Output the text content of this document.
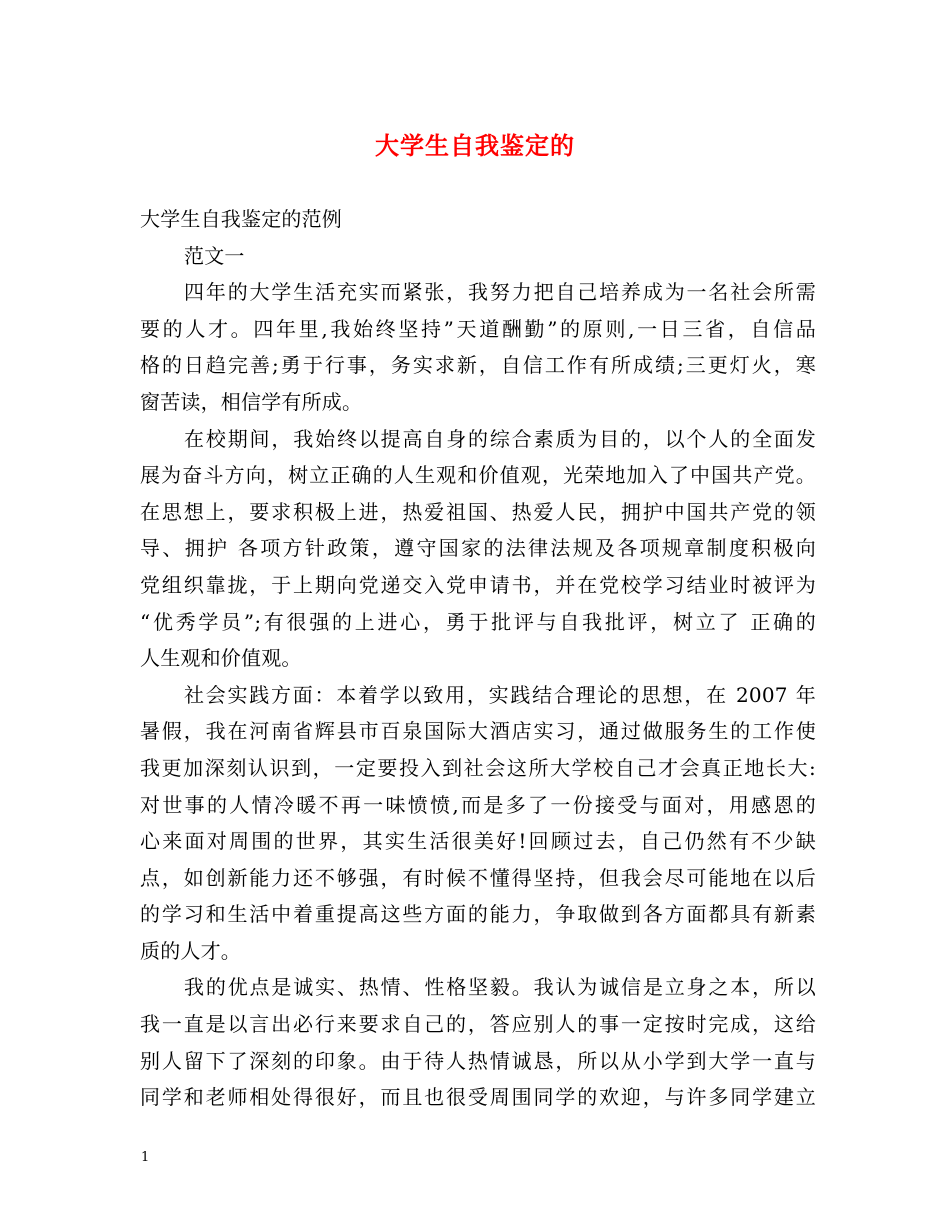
大学生自我鉴定的
大学生自我鉴定的范例
范文一
四年的大学生活充实而紧张，我努力把自己培养成为一名社会所需
要的人才。四年里,我始终坚持”天道酬勤”的原则,一日三省，自信品
格的日趋完善;勇于行事，务实求新，自信工作有所成绩;三更灯火，寒
窗苦读，相信学有所成。
在校期间，我始终以提高自身的综合素质为目的，以个人的全面发
展为奋斗方向，树立正确的人生观和价值观，光荣地加入了中国共产党。
在思想上，要求积极上进，热爱祖国、热爱人民，拥护中国共产党的领
导、拥护 各项方针政策，遵守国家的法律法规及各项规章制度积极向
党组织靠拢，于上期向党递交入党申请书，并在党校学习结业时被评为
“优秀学员”;有很强的上进心，勇于批评与自我批评，树立了 正确的
人生观和价值观。
社会实践方面：本着学以致用，实践结合理论的思想，在 2007 年
暑假，我在河南省辉县市百泉国际大酒店实习，通过做服务生的工作使
我更加深刻认识到，一定要投入到社会这所大学校自己才会真正地长大:
对世事的人情冷暖不再一味愤愤,而是多了一份接受与面对，用感恩的
心来面对周围的世界，其实生活很美好!回顾过去，自己仍然有不少缺
点，如创新能力还不够强，有时候不懂得坚持，但我会尽可能地在以后
的学习和生活中着重提高这些方面的能力，争取做到各方面都具有新素
质的人才。
我的优点是诚实、热情、性格坚毅。我认为诚信是立身之本，所以
我一直是以言出必行来要求自己的，答应别人的事一定按时完成，这给
别人留下了深刻的印象。由于待人热情诚恳，所以从小学到大学一直与
同学和老师相处得很好，而且也很受周围同学的欢迎，与许多同学建立
1
